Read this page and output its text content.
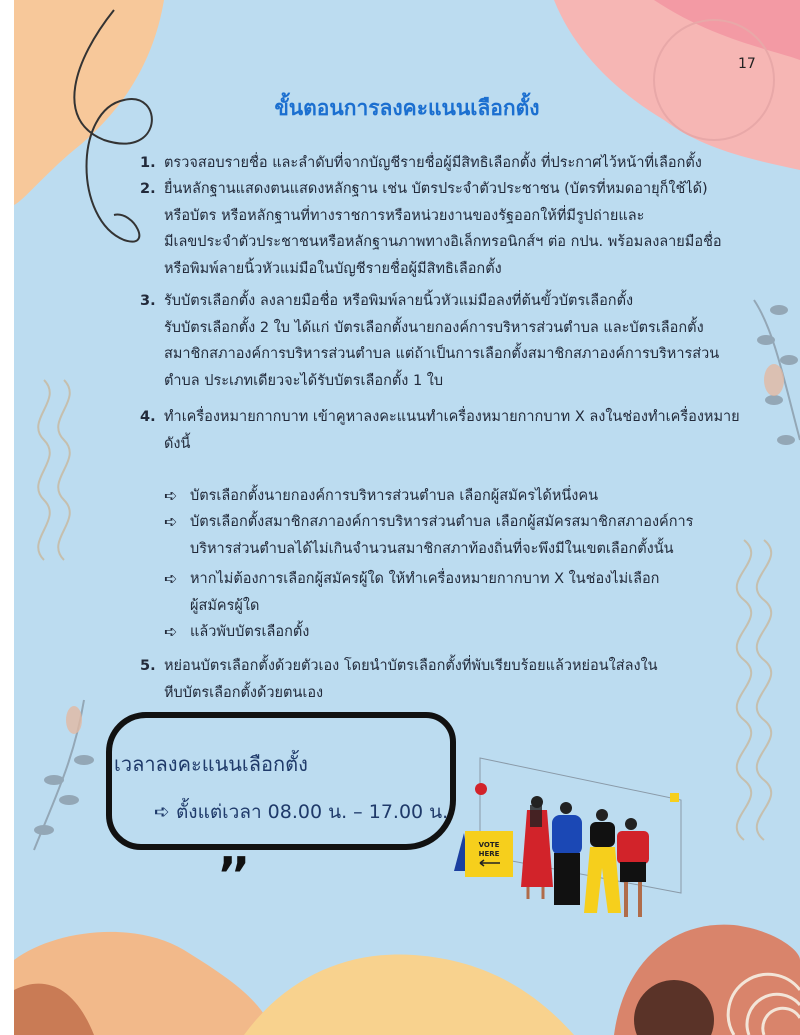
17
ขั้นตอนการลงคะแนนเลือกตั้ง
1. ตรวจสอบรายชื่อ และลำดับที่จากบัญชีรายชื่อผู้มีสิทธิเลือกตั้ง ที่ประกาศไว้หน้าที่เลือกตั้ง
2. ยื่นหลักฐานแสดงตนแสดงหลักฐาน เช่น บัตรประจำตัวประชาชน (บัตรที่หมดอายุก็ใช้ได้)
หรือบัตร หรือหลักฐานที่ทางราชการหรือหน่วยงานของรัฐออกให้ที่มีรูปถ่ายและ
มีเลขประจำตัวประชาชนหรือหลักฐานภาพทางอิเล็กทรอนิกส์ฯ ต่อ กปน. พร้อมลงลายมือชื่อ
หรือพิมพ์ลายนิ้วหัวแม่มือในบัญชีรายชื่อผู้มีสิทธิเลือกตั้ง
3. รับบัตรเลือกตั้ง ลงลายมือชื่อ หรือพิมพ์ลายนิ้วหัวแม่มือลงที่ต้นขั้วบัตรเลือกตั้ง
รับบัตรเลือกตั้ง 2 ใบ ได้แก่ บัตรเลือกตั้งนายกองค์การบริหารส่วนตำบล และบัตรเลือกตั้ง
สมาชิกสภาองค์การบริหารส่วนตำบล แต่ถ้าเป็นการเลือกตั้งสมาชิกสภาองค์การบริหารส่วน
ตำบล ประเภทเดียวจะได้รับบัตรเลือกตั้ง 1 ใบ
4. ทำเครื่องหมายกากบาท เข้าคูหาลงคะแนนทำเครื่องหมายกากบาท X ลงในช่องทำเครื่องหมาย
ดังนี้
➪ บัตรเลือกตั้งนายกองค์การบริหารส่วนตำบล เลือกผู้สมัครได้หนึ่งคน
➪ บัตรเลือกตั้งสมาชิกสภาองค์การบริหารส่วนตำบล เลือกผู้สมัครสมาชิกสภาองค์การ
บริหารส่วนตำบลได้ไม่เกินจำนวนสมาชิกสภาท้องถิ่นที่จะพึงมีในเขตเลือกตั้งนั้น
➪ หากไม่ต้องการเลือกผู้สมัครผู้ใด ให้ทำเครื่องหมายกากบาท X ในช่องไม่เลือก
ผู้สมัครผู้ใด
➪ แล้วพับบัตรเลือกตั้ง
5. หย่อนบัตรเลือกตั้งด้วยตัวเอง โดยนำบัตรเลือกตั้งที่พับเรียบร้อยแล้วหย่อนใส่ลงใน
หีบบัตรเลือกตั้งด้วยตนเอง
เวลาลงคะแนนเลือกตั้ง
➪ ตั้งแต่เวลา 08.00 น. – 17.00 น.
,,	VOTE
HERE
